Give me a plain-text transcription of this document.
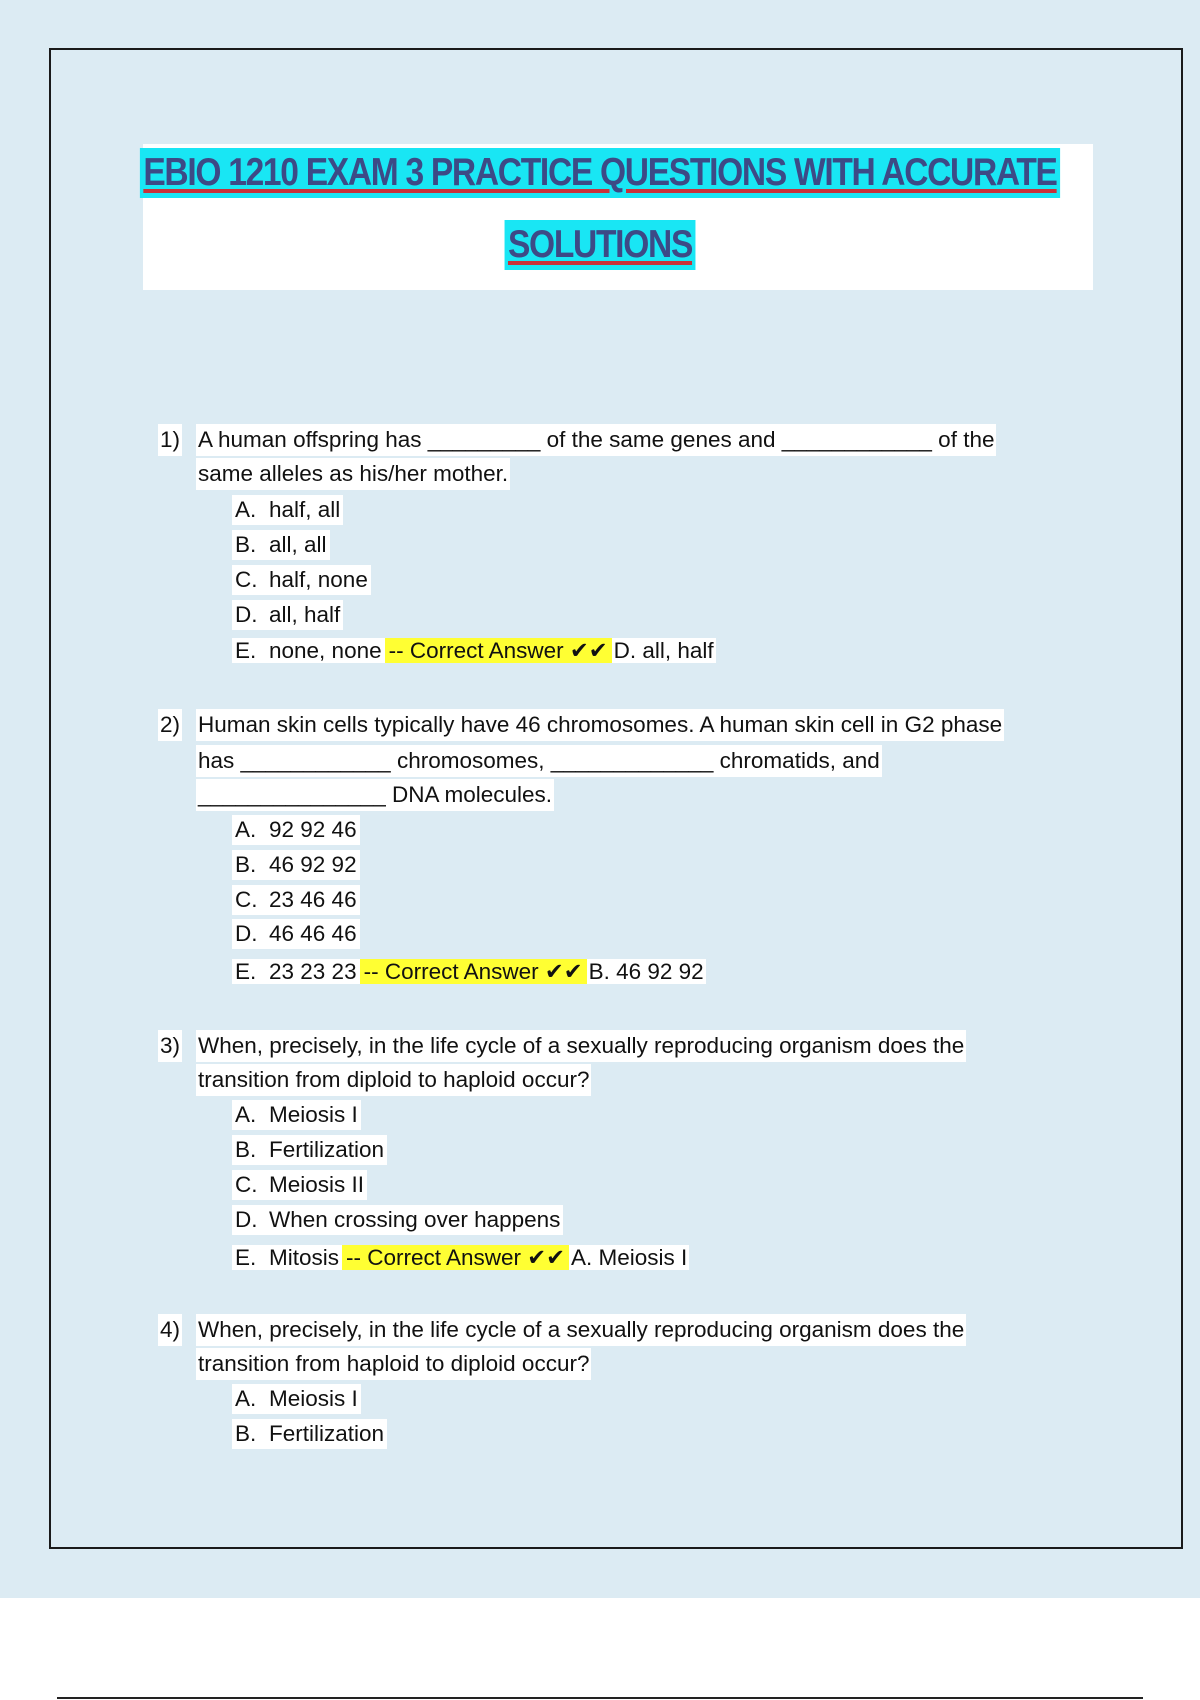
EBIO 1210 EXAM 3 PRACTICE QUESTIONS WITH ACCURATE
SOLUTIONS
1) A human offspring has _________ of the same genes and ____________ of the
same alleles as his/her mother.
A. half, all
B. all, all
C. half, none
D. all, half
E. none, none -- Correct Answer ✔✔ D. all, half
2) Human skin cells typically have 46 chromosomes. A human skin cell in G2 phase
has ____________ chromosomes, _____________ chromatids, and
_______________ DNA molecules.
A. 92 92 46
B. 46 92 92
C. 23 46 46
D. 46 46 46
E. 23 23 23 -- Correct Answer ✔✔ B. 46 92 92
3) When, precisely, in the life cycle of a sexually reproducing organism does the
transition from diploid to haploid occur?
A. Meiosis I
B. Fertilization
C. Meiosis II
D. When crossing over happens
E. Mitosis -- Correct Answer ✔✔ A. Meiosis I
4) When, precisely, in the life cycle of a sexually reproducing organism does the
transition from haploid to diploid occur?
A. Meiosis I
B. Fertilization
